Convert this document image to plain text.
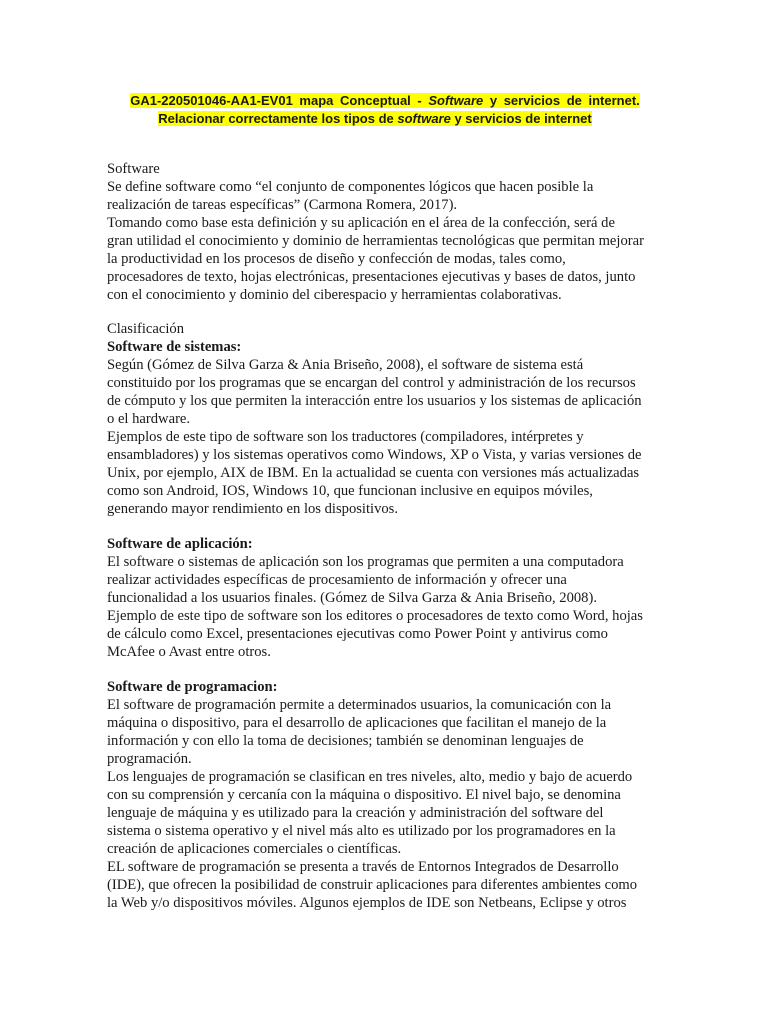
GA1-220501046-AA1-EV01 mapa Conceptual - Software y servicios de internet.
Relacionar correctamente los tipos de software y servicios de internet
Software
Se define software como “el conjunto de componentes lógicos que hacen posible la
realización de tareas específicas” (Carmona Romera, 2017).
Tomando como base esta definición y su aplicación en el área de la confección, será de
gran utilidad el conocimiento y dominio de herramientas tecnológicas que permitan mejorar
la productividad en los procesos de diseño y confección de modas, tales como,
procesadores de texto, hojas electrónicas, presentaciones ejecutivas y bases de datos, junto
con el conocimiento y dominio del ciberespacio y herramientas colaborativas.
Clasificación
Software de sistemas:
Según (Gómez de Silva Garza & Ania Briseño, 2008), el software de sistema está
constituido por los programas que se encargan del control y administración de los recursos
de cómputo y los que permiten la interacción entre los usuarios y los sistemas de aplicación
o el hardware.
Ejemplos de este tipo de software son los traductores (compiladores, intérpretes y
ensambladores) y los sistemas operativos como Windows, XP o Vista, y varias versiones de
Unix, por ejemplo, AIX de IBM. En la actualidad se cuenta con versiones más actualizadas
como son Android, IOS, Windows 10, que funcionan inclusive en equipos móviles,
generando mayor rendimiento en los dispositivos.
Software de aplicación:
El software o sistemas de aplicación son los programas que permiten a una computadora
realizar actividades específicas de procesamiento de información y ofrecer una
funcionalidad a los usuarios finales. (Gómez de Silva Garza & Ania Briseño, 2008).
Ejemplo de este tipo de software son los editores o procesadores de texto como Word, hojas
de cálculo como Excel, presentaciones ejecutivas como Power Point y antivirus como
McAfee o Avast entre otros.
Software de programacion:
El software de programación permite a determinados usuarios, la comunicación con la
máquina o dispositivo, para el desarrollo de aplicaciones que facilitan el manejo de la
información y con ello la toma de decisiones; también se denominan lenguajes de
programación.
Los lenguajes de programación se clasifican en tres niveles, alto, medio y bajo de acuerdo
con su comprensión y cercanía con la máquina o dispositivo. El nivel bajo, se denomina
lenguaje de máquina y es utilizado para la creación y administración del software del
sistema o sistema operativo y el nivel más alto es utilizado por los programadores en la
creación de aplicaciones comerciales o científicas.
EL software de programación se presenta a través de Entornos Integrados de Desarrollo
(IDE), que ofrecen la posibilidad de construir aplicaciones para diferentes ambientes como
la Web y/o dispositivos móviles. Algunos ejemplos de IDE son Netbeans, Eclipse y otros
